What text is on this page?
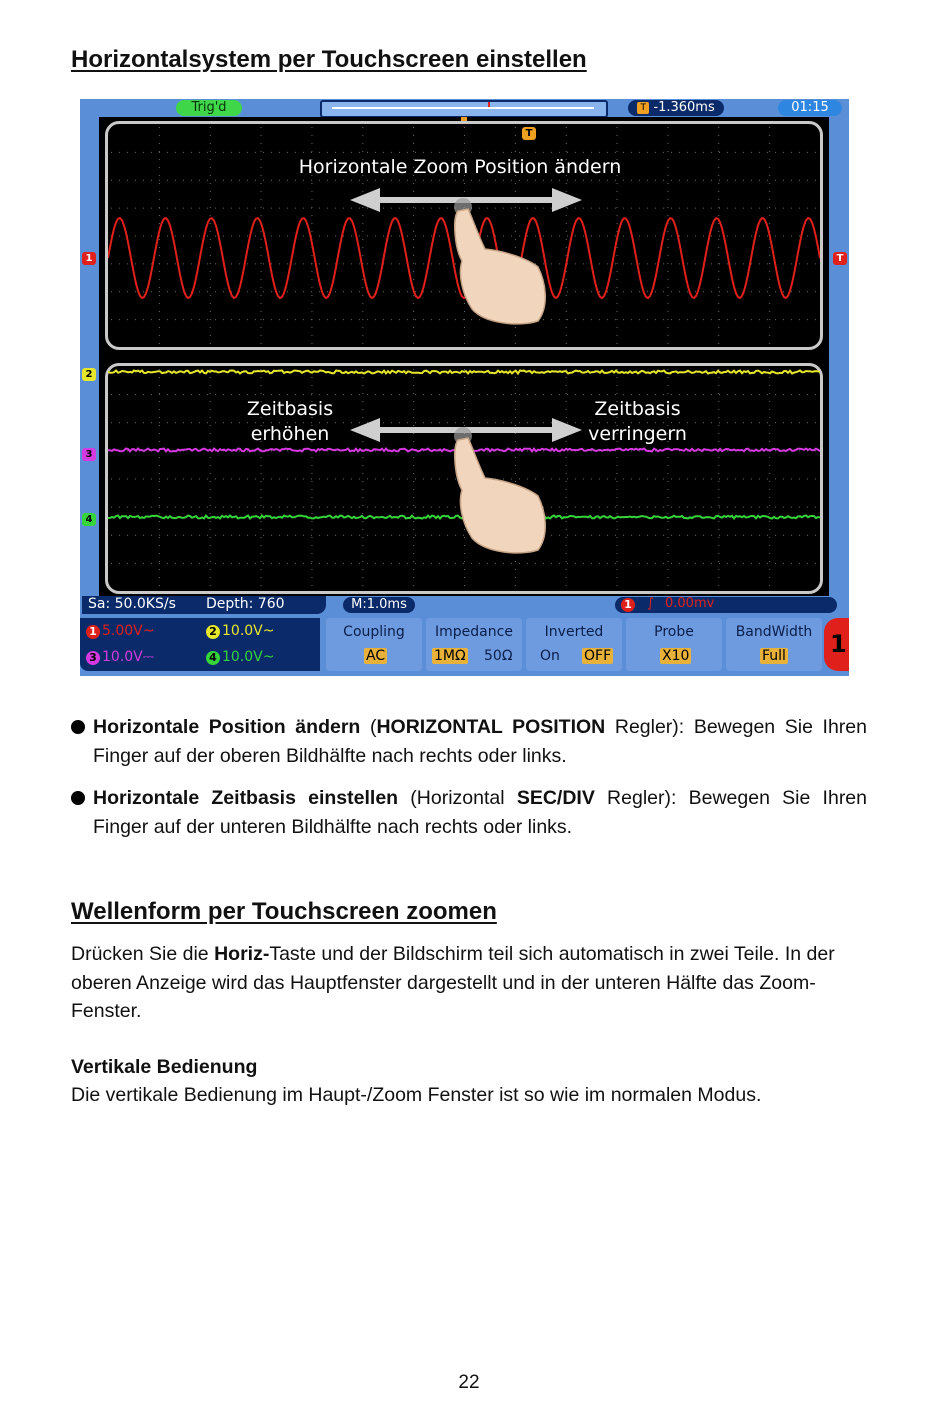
Horizontalsystem per Touchscreen einstellen
Trig'd	T -1.360ms	01:15
T
1
2
3
4
T
Horizontale Zoom Position ändern
Zeitbasis
erhöhen
Zeitbasis
verringern
Sa: 50.0KS/s Depth: 760	M:1.0ms	1 ∫ 0.00mv
1 5.00V~	2 10.0V~
3 10.0V⎓	4 10.0V~
Coupling
AC
Impedance
1MΩ 50Ω
Inverted
On OFF
Probe
X10
BandWidth
Full 1
Horizontale Position ändern (HORIZONTAL POSITION Regler): Bewegen Sie Ihren Finger auf der oberen Bildhälfte nach rechts oder links.
Horizontale Zeitbasis einstellen (Horizontal SEC/DIV Regler): Bewegen Sie Ihren Finger auf der unteren Bildhälfte nach rechts oder links.
Wellenform per Touchscreen zoomen
Drücken Sie die Horiz-Taste und der Bildschirm teil sich automatisch in zwei Teile. In der oberen Anzeige wird das Hauptfenster dargestellt und in der unteren Hälfte das Zoom-Fenster.
Vertikale Bedienung
Die vertikale Bedienung im Haupt-/Zoom Fenster ist so wie im normalen Modus.
22
